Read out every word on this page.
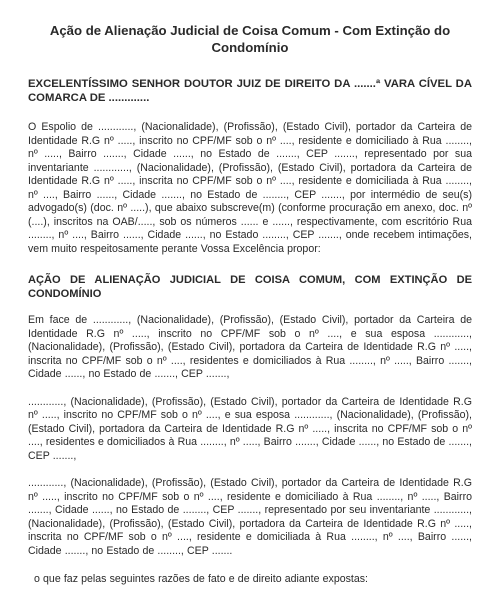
Ação de Alienação Judicial de Coisa Comum - Com Extinção do Condomínio
EXCELENTÍSSIMO SENHOR DOUTOR JUIZ DE DIREITO DA .......ª VARA CÍVEL DA COMARCA DE .............

O Espolio de ............, (Nacionalidade), (Profissão), (Estado Civil), portador da Carteira de Identidade R.G nº ....., inscrito no CPF/MF sob o nº ...., residente e domiciliado à Rua ........, nº ....., Bairro ......., Cidade ......, no Estado de ......., CEP ......., representado por sua inventariante ............, (Nacionalidade), (Profissão), (Estado Civil), portadora da Carteira de Identidade R.G nº ....., inscrita no CPF/MF sob o nº ...., residente e domiciliada à Rua ........, nº ...., Bairro ......, Cidade ......., no Estado de ........, CEP ......., por intermédio de seu(s) advogado(s) (doc. nº .....), que abaixo subscreve(m) (conforme procuração em anexo, doc. nº (....), inscritos na OAB/....., sob os números ...... e ......, respectivamente, com escritório Rua ........, nº ...., Bairro ......, Cidade ......, no Estado ........, CEP ......., onde recebem intimações, vem muito respeitosamente perante Vossa Excelência propor:

AÇÃO DE ALIENAÇÃO JUDICIAL DE COISA COMUM, COM EXTINÇÃO DE CONDOMÍNIO

Em face de ............, (Nacionalidade), (Profissão), (Estado Civil), portador da Carteira de Identidade R.G nº ....., inscrito no CPF/MF sob o nº ...., e sua esposa ............, (Nacionalidade), (Profissão), (Estado Civil), portadora da Carteira de Identidade R.G nº ....., inscrita no CPF/MF sob o nº ...., residentes e domiciliados à Rua ........, nº ....., Bairro ......., Cidade ......, no Estado de ......., CEP .......,

............, (Nacionalidade), (Profissão), (Estado Civil), portador da Carteira de Identidade R.G nº ....., inscrito no CPF/MF sob o nº ...., e sua esposa ............, (Nacionalidade), (Profissão), (Estado Civil), portadora da Carteira de Identidade R.G nº ....., inscrita no CPF/MF sob o nº ...., residentes e domiciliados à Rua ........, nº ....., Bairro ......., Cidade ......, no Estado de ......., CEP .......,

............, (Nacionalidade), (Profissão), (Estado Civil), portador da Carteira de Identidade R.G nº ....., inscrito no CPF/MF sob o nº ...., residente e domiciliado à Rua ........, nº ....., Bairro ......., Cidade ......, no Estado de ........, CEP ......., representado por seu inventariante ............, (Nacionalidade), (Profissão), (Estado Civil), portadora da Carteira de Identidade R.G nº ....., inscrita no CPF/MF sob o nº ...., residente e domiciliada à Rua ........, nº ...., Bairro ......, Cidade ......., no Estado de ........, CEP .......

o que faz pelas seguintes razões de fato e de direito adiante expostas:
